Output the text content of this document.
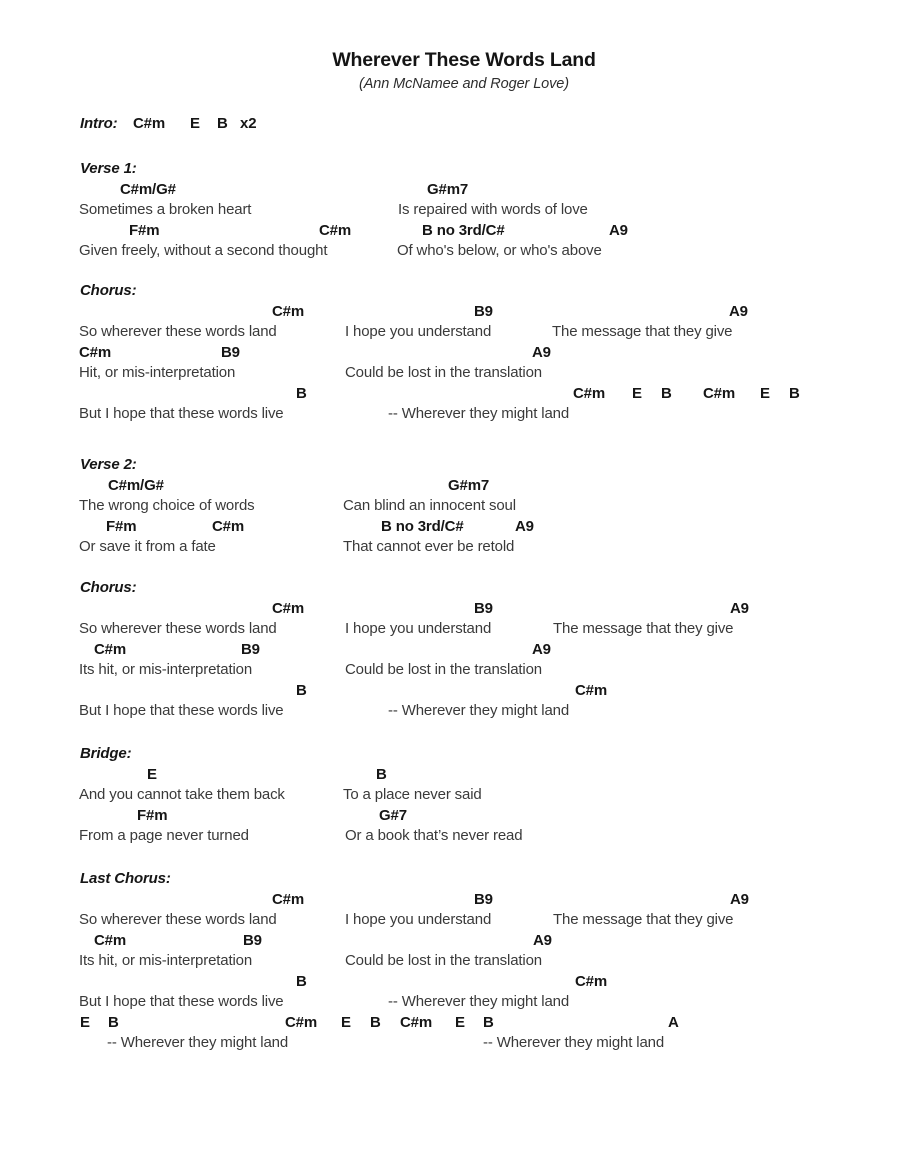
Wherever These Words Land
(Ann McNamee and Roger Love)
Intro: C#m E B x2
Verse 1:
C#m/G#	G#m7
Sometimes a broken heart	Is repaired with words of love
F#m	C#m	B no 3rd/C#	A9
Given freely, without a second thought	Of who's below, or who's above
Chorus:
C#m	B9	A9
So wherever these words land	I hope you understand	The message that they give
C#m	B9	A9
Hit, or mis-interpretation	Could be lost in the translation
B	C#m E B C#m E B
But I hope that these words live	-- Wherever they might land
Verse 2:
C#m/G#	G#m7
The wrong choice of words	Can blind an innocent soul
F#m	C#m	B no 3rd/C#	A9
Or save it from a fate	That cannot ever be retold
Chorus:
C#m	B9	A9
So wherever these words land	I hope you understand	The message that they give
C#m	B9	A9
Its hit, or mis-interpretation	Could be lost in the translation
B	C#m
But I hope that these words live	-- Wherever they might land
Bridge:
E	B
And you cannot take them back	To a place never said
F#m	G#7
From a page never turned	Or a book that’s never read
Last Chorus:
C#m	B9	A9
So wherever these words land	I hope you understand	The message that they give
C#m	B9	A9
Its hit, or mis-interpretation	Could be lost in the translation
B	C#m
But I hope that these words live	-- Wherever they might land
E B	C#m E B C#m E B	A
-- Wherever they might land	-- Wherever they might land
